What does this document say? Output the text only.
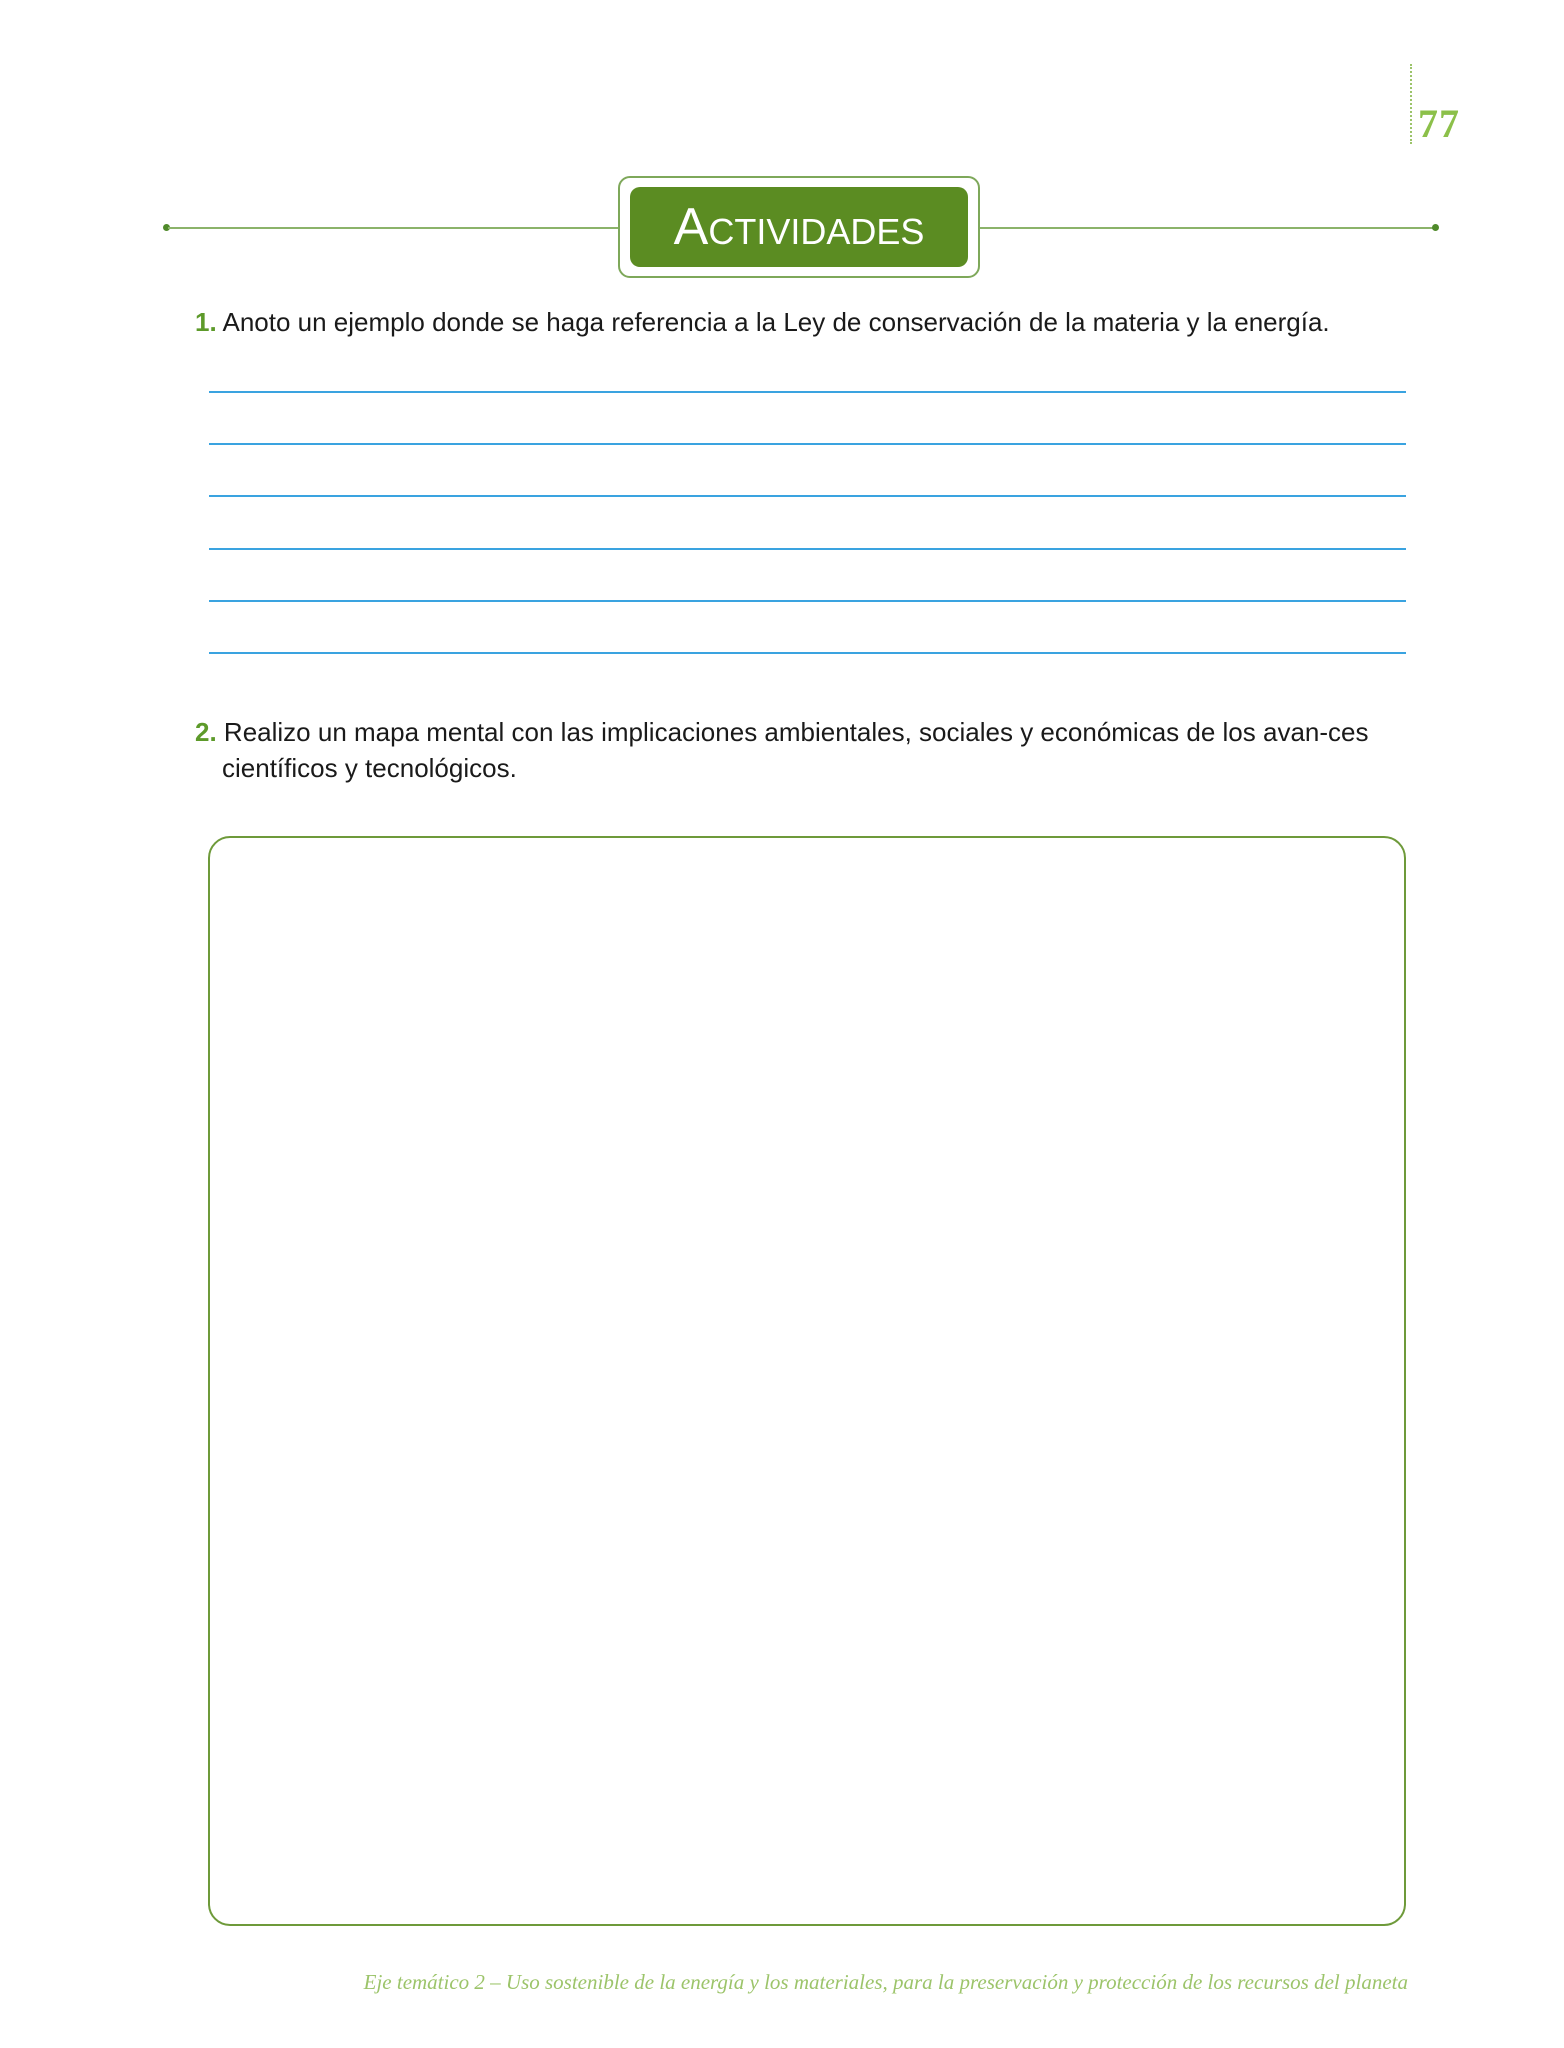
77
Actividades
1. Anoto un ejemplo donde se haga referencia a la Ley de conservación de la materia y la energía.
2. Realizo un mapa mental con las implicaciones ambientales, sociales y económicas de los avan-ces científicos y tecnológicos.
Eje temático 2 – Uso sostenible de la energía y los materiales, para la preservación y protección de los recursos del planeta
